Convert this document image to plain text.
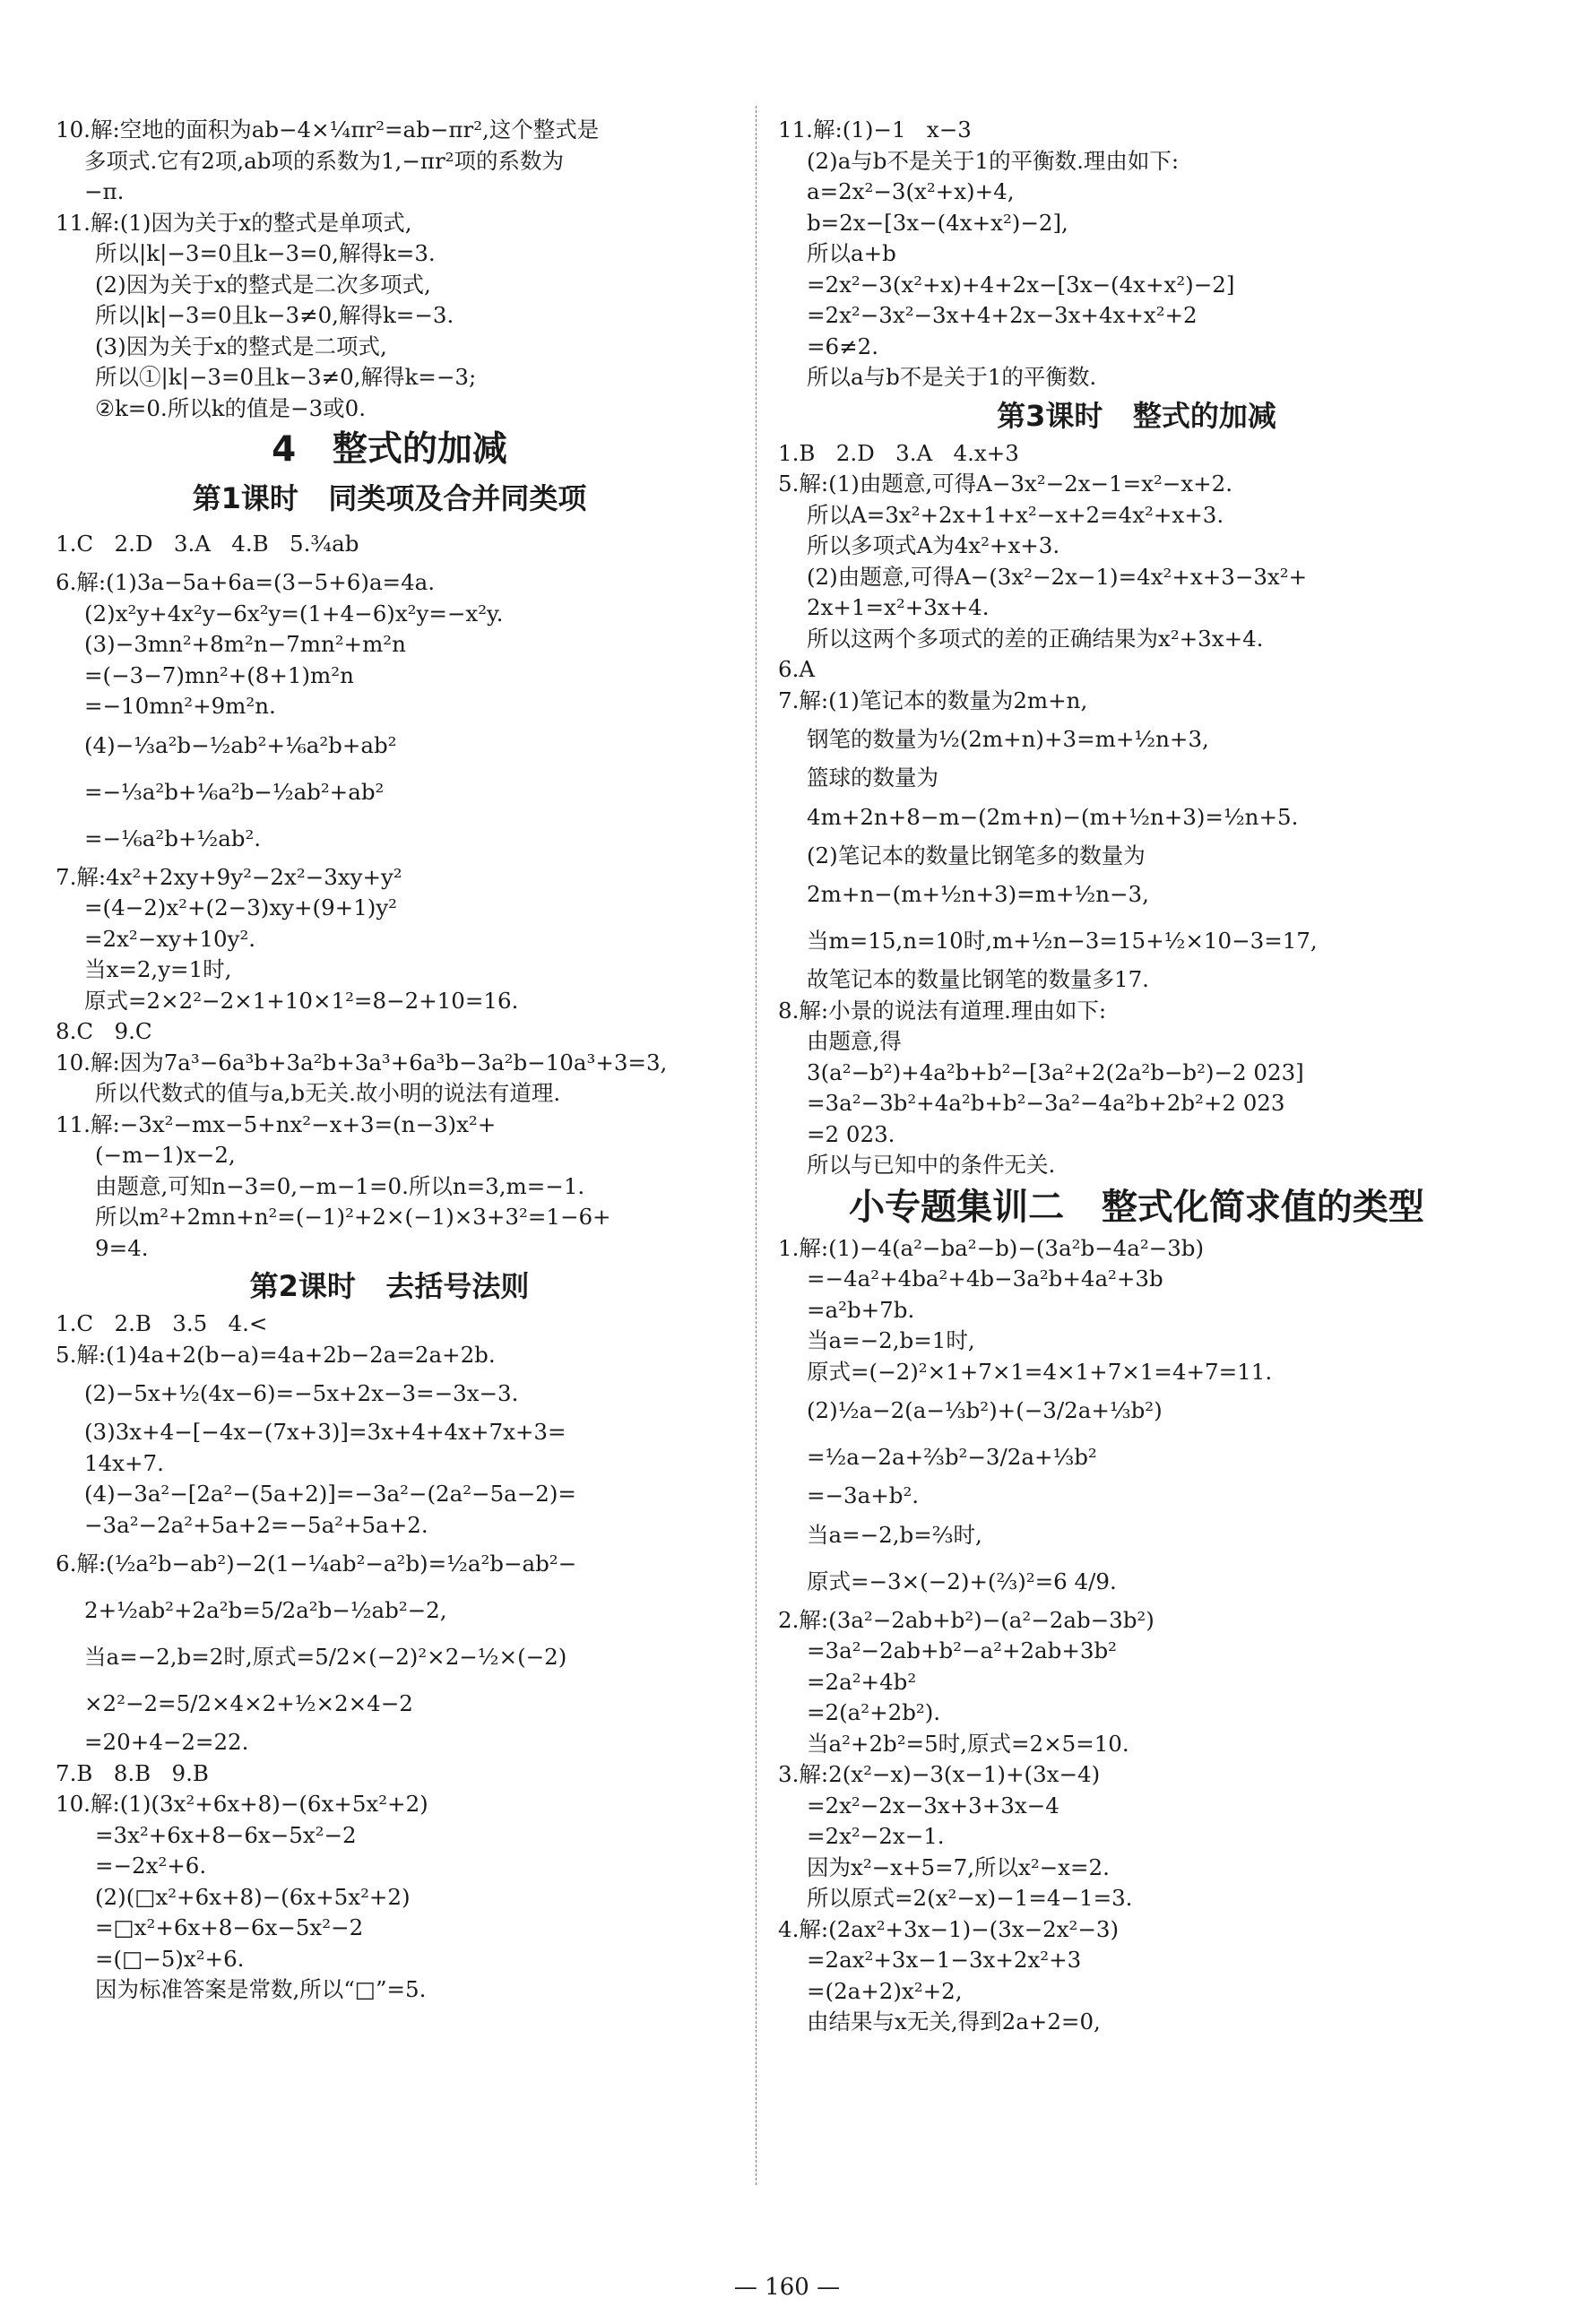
10.解:空地的面积为ab−4×¼πr²=ab−πr²,这个整式是
多项式.它有2项,ab项的系数为1,−πr²项的系数为
−π.
11.解:(1)因为关于x的整式是单项式,
所以|k|−3=0且k−3=0,解得k=3.
(2)因为关于x的整式是二次多项式,
所以|k|−3=0且k−3≠0,解得k=−3.
(3)因为关于x的整式是二项式,
所以①|k|−3=0且k−3≠0,解得k=−3;
②k=0.所以k的值是−3或0.
4   整式的加减
第1课时   同类项及合并同类项
1.C   2.D   3.A   4.B   5.¾ab
6.解:(1)3a−5a+6a=(3−5+6)a=4a.
(2)x²y+4x²y−6x²y=(1+4−6)x²y=−x²y.
(3)−3mn²+8m²n−7mn²+m²n
=(−3−7)mn²+(8+1)m²n
=−10mn²+9m²n.
(4)−⅓a²b−½ab²+⅙a²b+ab²
=−⅓a²b+⅙a²b−½ab²+ab²
=−⅙a²b+½ab².
7.解:4x²+2xy+9y²−2x²−3xy+y²
=(4−2)x²+(2−3)xy+(9+1)y²
=2x²−xy+10y².
当x=2,y=1时,
原式=2×2²−2×1+10×1²=8−2+10=16.
8.C   9.C
10.解:因为7a³−6a³b+3a²b+3a³+6a³b−3a²b−10a³+3=3,
所以代数式的值与a,b无关.故小明的说法有道理.
11.解:−3x²−mx−5+nx²−x+3=(n−3)x²+
(−m−1)x−2,
由题意,可知n−3=0,−m−1=0.所以n=3,m=−1.
所以m²+2mn+n²=(−1)²+2×(−1)×3+3²=1−6+
9=4.
第2课时   去括号法则
1.C   2.B   3.5   4.<
5.解:(1)4a+2(b−a)=4a+2b−2a=2a+2b.
(2)−5x+½(4x−6)=−5x+2x−3=−3x−3.
(3)3x+4−[−4x−(7x+3)]=3x+4+4x+7x+3=
14x+7.
(4)−3a²−[2a²−(5a+2)]=−3a²−(2a²−5a−2)=
−3a²−2a²+5a+2=−5a²+5a+2.
6.解:(½a²b−ab²)−2(1−¼ab²−a²b)=½a²b−ab²−
2+½ab²+2a²b=5/2a²b−½ab²−2,
当a=−2,b=2时,原式=5/2×(−2)²×2−½×(−2)
×2²−2=5/2×4×2+½×2×4−2
=20+4−2=22.
7.B   8.B   9.B
10.解:(1)(3x²+6x+8)−(6x+5x²+2)
=3x²+6x+8−6x−5x²−2
=−2x²+6.
(2)(□x²+6x+8)−(6x+5x²+2)
=□x²+6x+8−6x−5x²−2
=(□−5)x²+6.
因为标准答案是常数,所以“□”=5.
11.解:(1)−1   x−3
(2)a与b不是关于1的平衡数.理由如下:
a=2x²−3(x²+x)+4,
b=2x−[3x−(4x+x²)−2],
所以a+b
=2x²−3(x²+x)+4+2x−[3x−(4x+x²)−2]
=2x²−3x²−3x+4+2x−3x+4x+x²+2
=6≠2.
所以a与b不是关于1的平衡数.
第3课时   整式的加减
1.B   2.D   3.A   4.x+3
5.解:(1)由题意,可得A−3x²−2x−1=x²−x+2.
所以A=3x²+2x+1+x²−x+2=4x²+x+3.
所以多项式A为4x²+x+3.
(2)由题意,可得A−(3x²−2x−1)=4x²+x+3−3x²+
2x+1=x²+3x+4.
所以这两个多项式的差的正确结果为x²+3x+4.
6.A
7.解:(1)笔记本的数量为2m+n,
钢笔的数量为½(2m+n)+3=m+½n+3,
篮球的数量为
4m+2n+8−m−(2m+n)−(m+½n+3)=½n+5.
(2)笔记本的数量比钢笔多的数量为
2m+n−(m+½n+3)=m+½n−3,
当m=15,n=10时,m+½n−3=15+½×10−3=17,
故笔记本的数量比钢笔的数量多17.
8.解:小景的说法有道理.理由如下:
由题意,得
3(a²−b²)+4a²b+b²−[3a²+2(2a²b−b²)−2 023]
=3a²−3b²+4a²b+b²−3a²−4a²b+2b²+2 023
=2 023.
所以与已知中的条件无关.
小专题集训二   整式化简求值的类型
1.解:(1)−4(a²−ba²−b)−(3a²b−4a²−3b)
=−4a²+4ba²+4b−3a²b+4a²+3b
=a²b+7b.
当a=−2,b=1时,
原式=(−2)²×1+7×1=4×1+7×1=4+7=11.
(2)½a−2(a−⅓b²)+(−3/2a+⅓b²)
=½a−2a+⅔b²−3/2a+⅓b²
=−3a+b².
当a=−2,b=⅔时,
原式=−3×(−2)+(⅔)²=6 4/9.
2.解:(3a²−2ab+b²)−(a²−2ab−3b²)
=3a²−2ab+b²−a²+2ab+3b²
=2a²+4b²
=2(a²+2b²).
当a²+2b²=5时,原式=2×5=10.
3.解:2(x²−x)−3(x−1)+(3x−4)
=2x²−2x−3x+3+3x−4
=2x²−2x−1.
因为x²−x+5=7,所以x²−x=2.
所以原式=2(x²−x)−1=4−1=3.
4.解:(2ax²+3x−1)−(3x−2x²−3)
=2ax²+3x−1−3x+2x²+3
=(2a+2)x²+2,
由结果与x无关,得到2a+2=0,
— 160 —
